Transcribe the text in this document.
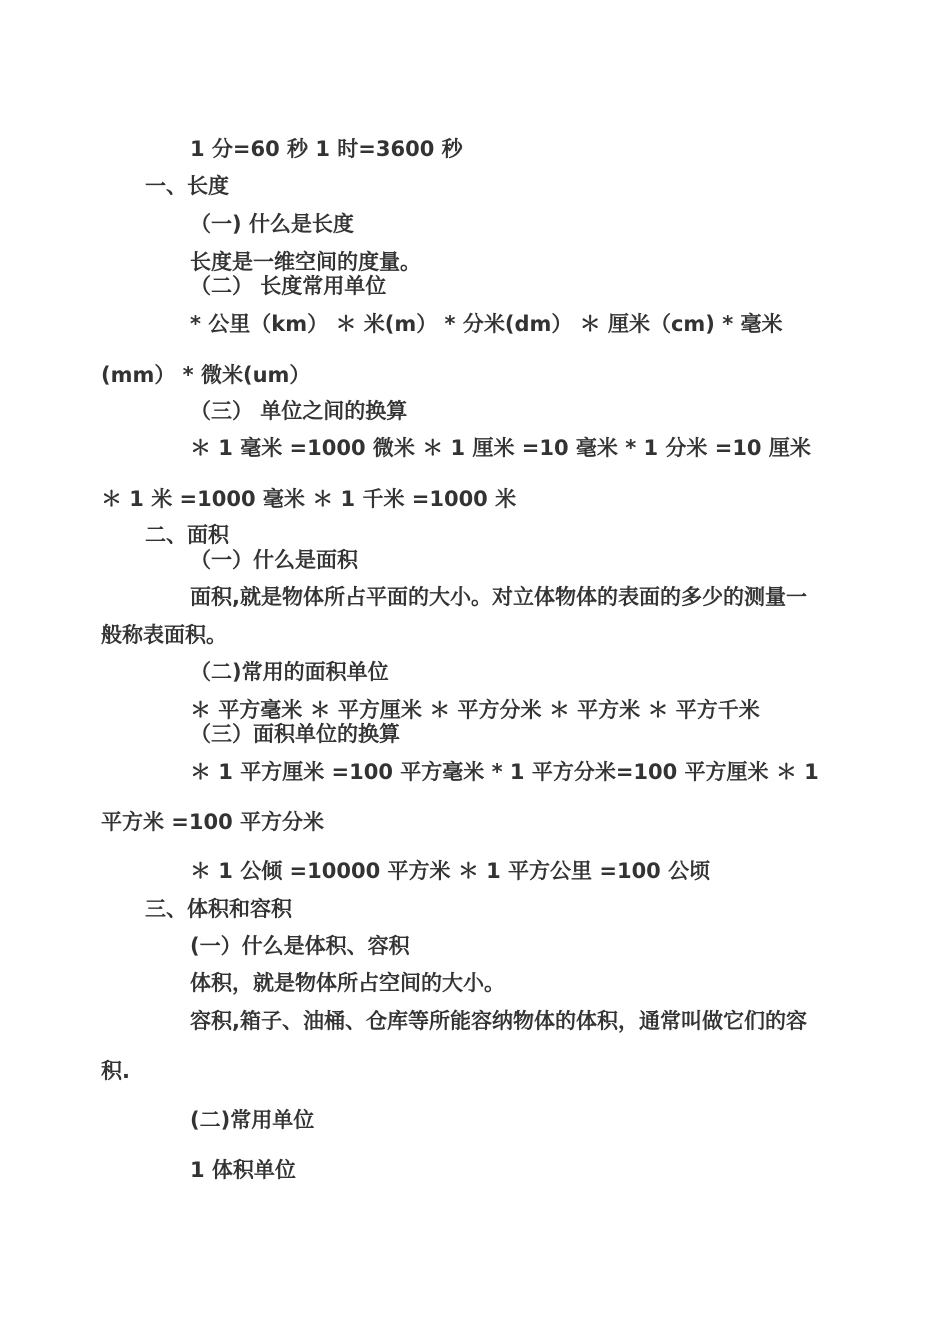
1 分=60 秒 1 时=3600 秒
一、长度
（一) 什么是长度
长度是一维空间的度量。
（二） 长度常用单位
* 公里（km） ＊ 米(m） * 分米(dm） ＊ 厘米（cm) * 毫米
(mm） * 微米(um）
（三） 单位之间的换算
＊ 1 毫米 =1000 微米 ＊ 1 厘米 =10 毫米 * 1 分米 =10 厘米
＊ 1 米 =1000 毫米 ＊ 1 千米 =1000 米
二、面积
（一）什么是面积
面积,就是物体所占平面的大小。对立体物体的表面的多少的测量一
般称表面积。
（二)常用的面积单位
＊ 平方毫米 ＊ 平方厘米 ＊ 平方分米 ＊ 平方米 ＊ 平方千米
（三）面积单位的换算
＊ 1 平方厘米 =100 平方毫米 * 1 平方分米=100 平方厘米 ＊ 1
平方米 =100 平方分米
＊ 1 公倾 =10000 平方米 ＊ 1 平方公里 =100 公顷
三、体积和容积
(一）什么是体积、容积
体积，就是物体所占空间的大小。
容积,箱子、油桶、仓库等所能容纳物体的体积，通常叫做它们的容
积.
(二)常用单位
1 体积单位
